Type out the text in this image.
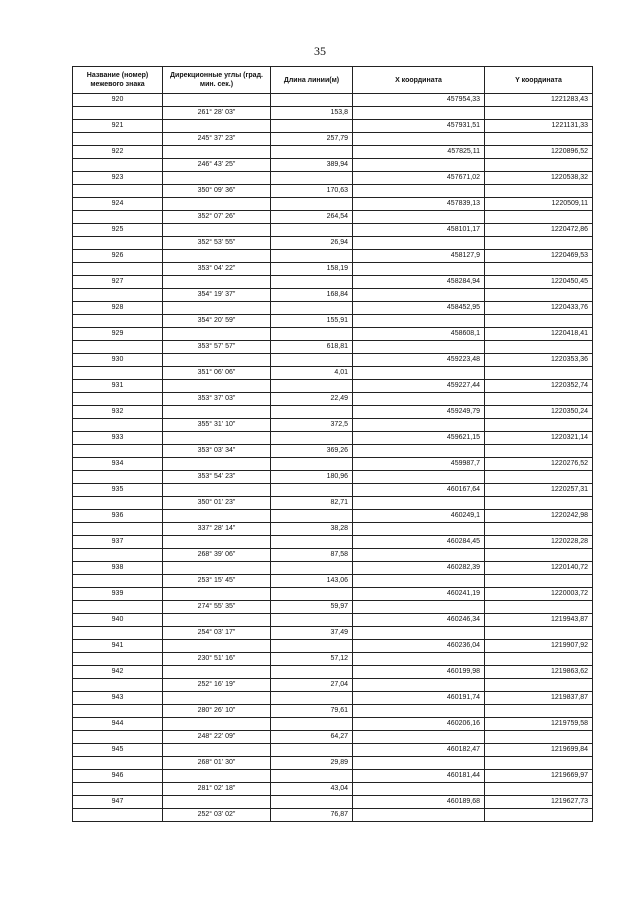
35
Название (номер) межевого знака	Дирекционные углы (град. мин. сек.)	Длина линии(м)	X координата	Y координата
920			457954,33	1221283,43
	261° 28' 03"	153,8		
921			457931,51	1221131,33
	245° 37' 23"	257,79		
922			457825,11	1220896,52
	246° 43' 25"	389,94		
923			457671,02	1220538,32
	350° 09' 36"	170,63		
924			457839,13	1220509,11
	352° 07' 26"	264,54		
925			458101,17	1220472,86
	352° 53' 55"	26,94		
926			458127,9	1220469,53
	353° 04' 22"	158,19		
927			458284,94	1220450,45
	354° 19' 37"	168,84		
928			458452,95	1220433,76
	354° 20' 59"	155,91		
929			458608,1	1220418,41
	353° 57' 57"	618,81		
930			459223,48	1220353,36
	351° 06' 06"	4,01		
931			459227,44	1220352,74
	353° 37' 03"	22,49		
932			459249,79	1220350,24
	355° 31' 10"	372,5		
933			459621,15	1220321,14
	353° 03' 34"	369,26		
934			459987,7	1220276,52
	353° 54' 23"	180,96		
935			460167,64	1220257,31
	350° 01' 23"	82,71		
936			460249,1	1220242,98
	337° 28' 14"	38,28		
937			460284,45	1220228,28
	268° 39' 06"	87,58		
938			460282,39	1220140,72
	253° 15' 45"	143,06		
939			460241,19	1220003,72
	274° 55' 35"	59,97		
940			460246,34	1219943,87
	254° 03' 17"	37,49		
941			460236,04	1219907,92
	230° 51' 16"	57,12		
942			460199,98	1219863,62
	252° 16' 19"	27,04		
943			460191,74	1219837,87
	280° 26' 10"	79,61		
944			460206,16	1219759,58
	248° 22' 09"	64,27		
945			460182,47	1219699,84
	268° 01' 30"	29,89		
946			460181,44	1219669,97
	281° 02' 18"	43,04		
947			460189,68	1219627,73
	252° 03' 02"	76,87		
